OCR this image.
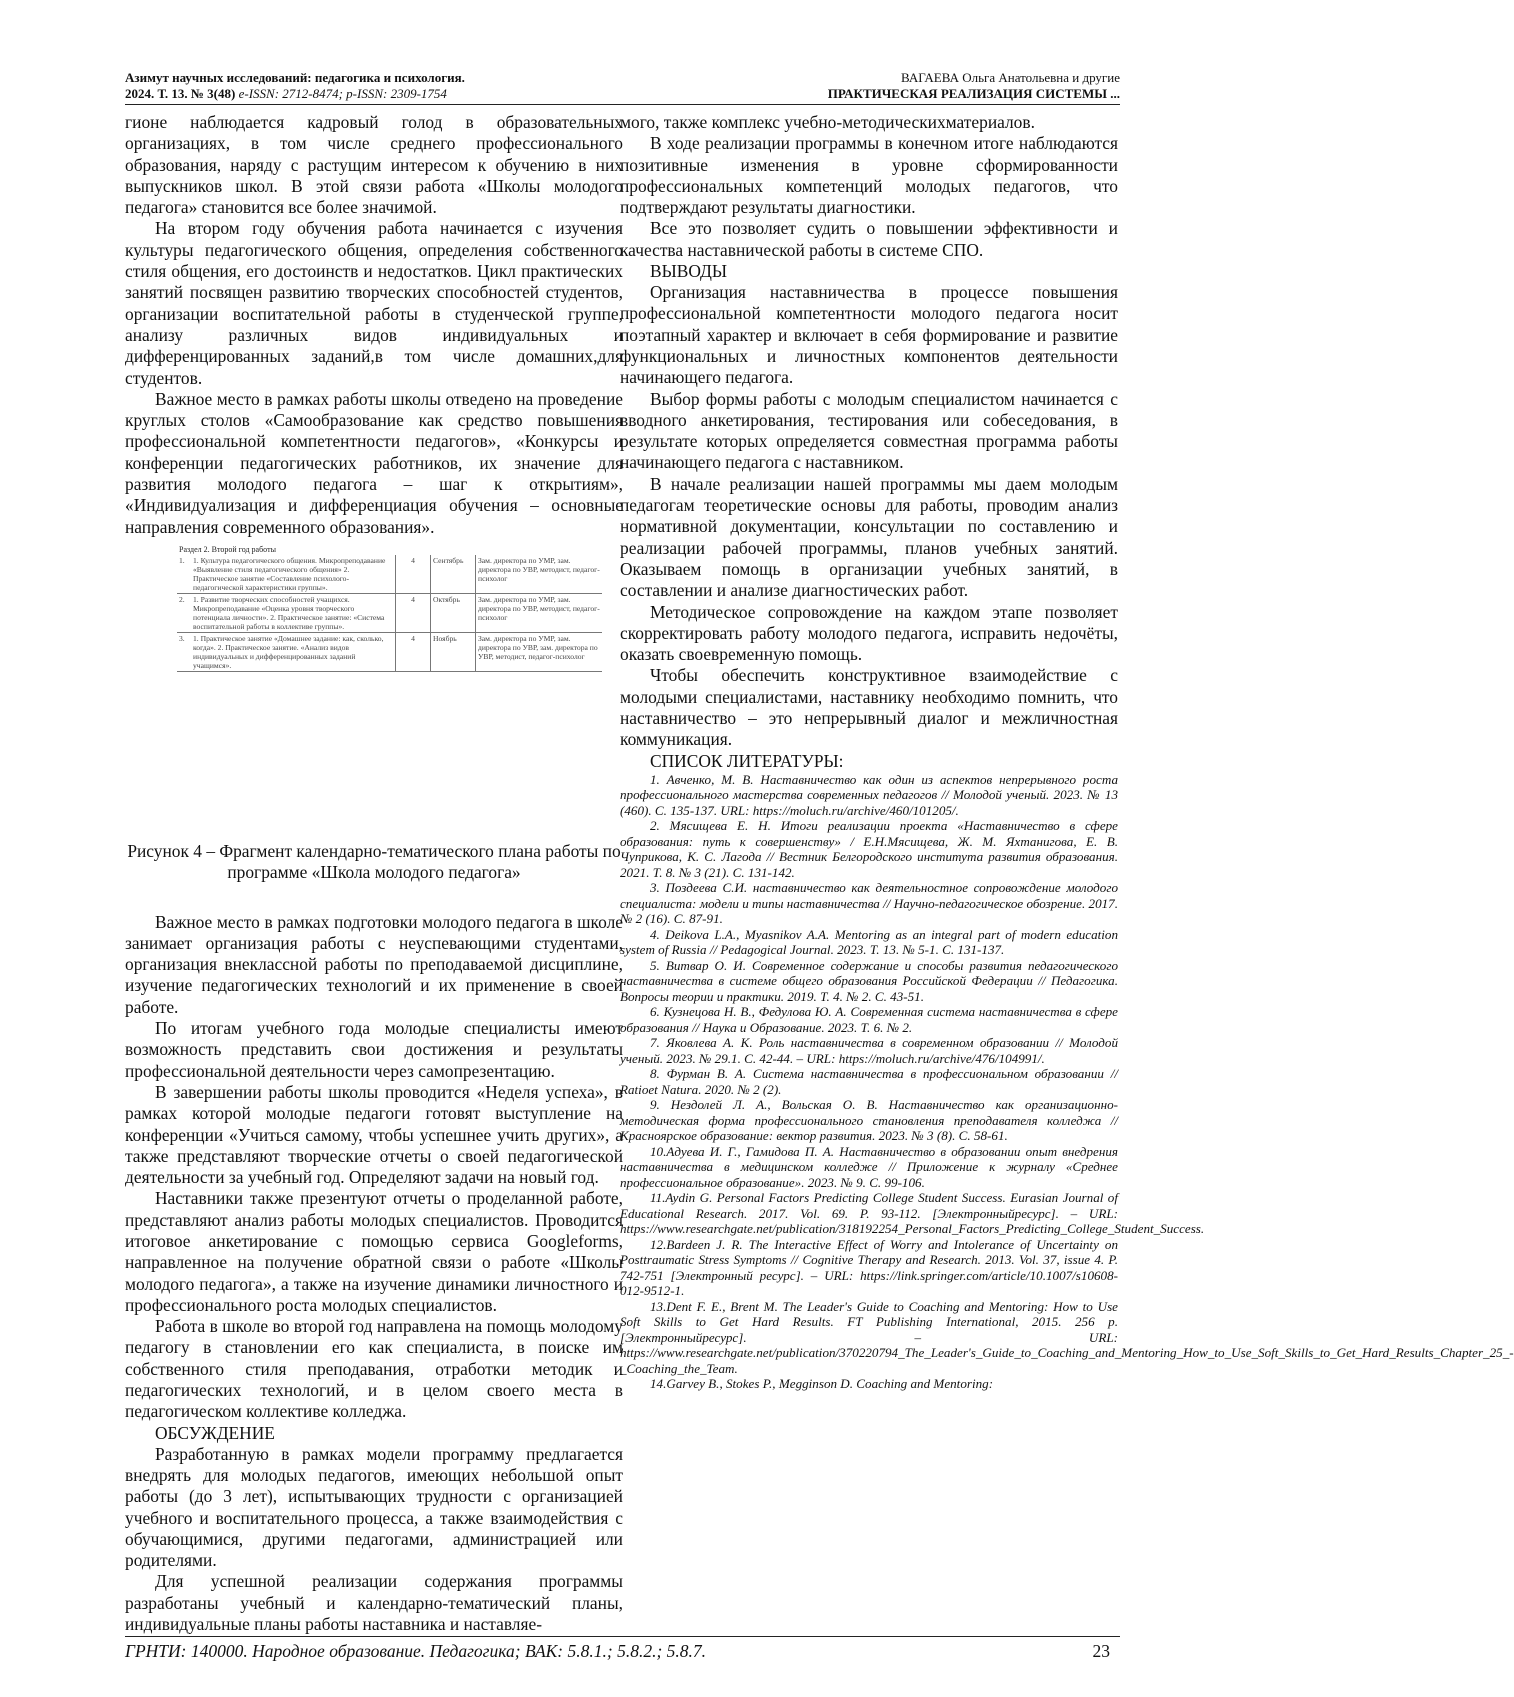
Азимут научных исследований: педагогика и психология.
2024. Т. 13. № 3(48) e-ISSN: 2712-8474; p-ISSN: 2309-1754
ВАГАЕВА Ольга Анатольевна и другие
ПРАКТИЧЕСКАЯ РЕАЛИЗАЦИЯ СИСТЕМЫ ...

гионе наблюдается кадровый голод в образовательных организациях, в том числе среднего профессионального образования, наряду с растущим интересом к обучению в них выпускников школ. В этой связи работа «Школы молодого педагога» становится все более значимой.

На втором году обучения работа начинается с изучения культуры педагогического общения, определения собственного стиля общения, его достоинств и недостатков. Цикл практических занятий посвящен развитию творческих способностей студентов, организации воспитательной работы в студенческой группе, анализу различных видов индивидуальных и дифференцированных заданий,в том числе домашних,для студентов.

Важное место в рамках работы школы отведено на проведение круглых столов «Самообразование как средство повышения профессиональной компетентности педагогов», «Конкурсы и конференции педагогических работников, их значение для развития молодого педагога – шаг к открытиям», «Индивидуализация и дифференциация обучения – основные направления современного образования».

Раздел 2. Второй год работы				
1.	1. Культура педагогического общения. Микропреподавание «Выявление стиля педагогического общения» 2. Практическое занятие «Составление психолого-педагогической характеристики группы».	4	Сентябрь	Зам. директора по УМР, зам. директора по УВР, методист, педагог-психолог
2.	1. Развитие творческих способностей учащихся. Микропреподавание «Оценка уровня творческого потенциала личности». 2. Практическое занятие: «Система воспитательной работы в коллективе группы».	4	Октябрь	Зам. директора по УМР, зам. директора по УВР, методист, педагог-психолог
3.	1. Практическое занятие «Домашнее задание: как, сколько, когда». 2. Практическое занятие. «Анализ видов индивидуальных и дифференцированных заданий учащимся».	4	Ноябрь	Зам. директора по УМР, зам. директора по УВР, зам. директора по УВР, методист, педагог-психолог
Рисунок 4 – Фрагмент календарно-тематического плана работы по программе «Школа молодого педагога»

Важное место в рамках подготовки молодого педагога в школе занимает организация работы с неуспевающими студентами, организация внеклассной работы по преподаваемой дисциплине, изучение педагогических технологий и их применение в своей работе.

По итогам учебного года молодые специалисты имеют возможность представить свои достижения и результаты профессиональной деятельности через самопрезентацию.

В завершении работы школы проводится «Неделя успеха», в рамках которой молодые педагоги готовят выступление на конференции «Учиться самому, чтобы успешнее учить других», а также представляют творческие отчеты о своей педагогической деятельности за учебный год. Определяют задачи на новый год.

Наставники также презентуют отчеты о проделанной работе, представляют анализ работы молодых специалистов. Проводится итоговое анкетирование с помощью сервиса Googleforms, направленное на получение обратной связи о работе «Школы молодого педагога», а также на изучение динамики личностного и профессионального роста молодых специалистов.

Работа в школе во второй год направлена на помощь молодому педагогу в становлении его как специалиста, в поиске им собственного стиля преподавания, отработки методик и педагогических технологий, и в целом своего места в педагогическом коллективе колледжа.

ОБСУЖДЕНИЕ

Разработанную в рамках модели программу предлагается внедрять для молодых педагогов, имеющих небольшой опыт работы (до 3 лет), испытывающих трудности с организацией учебного и воспитательного процесса, а также взаимодействия с обучающимися, другими педагогами, администрацией или родителями.

Для успешной реализации содержания программы разработаны учебный и календарно-тематический планы, индивидуальные планы работы наставника и наставляе-

мого, также комплекс учебно-методическихматериалов.

В ходе реализации программы в конечном итоге наблюдаются позитивные изменения в уровне сформированности профессиональных компетенций молодых педагогов, что подтверждают результаты диагностики.

Все это позволяет судить о повышении эффективности и качества наставнической работы в системе СПО.

ВЫВОДЫ

Организация наставничества в процессе повышения профессиональной компетентности молодого педагога носит поэтапный характер и включает в себя формирование и развитие функциональных и личностных компонентов деятельности начинающего педагога.

Выбор формы работы с молодым специалистом начинается с вводного анкетирования, тестирования или собеседования, в результате которых определяется совместная программа работы начинающего педагога с наставником.

В начале реализации нашей программы мы даем молодым педагогам теоретические основы для работы, проводим анализ нормативной документации, консультации по составлению и реализации рабочей программы, планов учебных занятий. Оказываем помощь в организации учебных занятий, в составлении и анализе диагностических работ.

Методическое сопровождение на каждом этапе позволяет скорректировать работу молодого педагога, исправить недочёты, оказать своевременную помощь.

Чтобы обеспечить конструктивное взаимодействие с молодыми специалистами, наставнику необходимо помнить, что наставничество – это непрерывный диалог и межличностная коммуникация.

СПИСОК ЛИТЕРАТУРЫ:

1. Авченко, М. В. Наставничество как один из аспектов непрерывного роста профессионального мастерства современных педагогов // Молодой ученый. 2023. № 13 (460). С. 135-137. URL: https://moluch.ru/archive/460/101205/.

2. Мясищева Е. Н. Итоги реализации проекта «Наставничество в сфере образования: путь к совершенству» / Е.Н.Мясищева, Ж. М. Яхтанигова, Е. В. Чуприкова, К. С. Лагода // Вестник Белгородского института развития образования. 2021. Т. 8. № 3 (21). С. 131-142.

3. Поздеева С.И. наставничество как деятельностное сопровождение молодого специалиста: модели и типы наставничества // Научно-педагогическое обозрение. 2017. № 2 (16). С. 87-91.

4. Deikova L.A., Myasnikov A.A. Mentoring as an integral part of modern education system of Russia // Pedagogical Journal. 2023. Т. 13. № 5-1. С. 131-137.

5. Витвар О. И. Современное содержание и способы развития педагогического наставничества в системе общего образования Российской Федерации // Педагогика. Вопросы теории и практики. 2019. Т. 4. № 2. С. 43-51.

6. Кузнецова Н. В., Федулова Ю. А. Современная система наставничества в сфере образования // Наука и Образование. 2023. Т. 6. № 2.

7. Яковлева А. К. Роль наставничества в современном образовании // Молодой ученый. 2023. № 29.1. С. 42-44. – URL: https://moluch.ru/archive/476/104991/.

8. Фурман В. А. Система наставничества в профессиональном образовании // Ratioet Natura. 2020. № 2 (2).

9. Нездолей Л. А., Вольская О. В. Наставничество как организационно-методическая форма профессионального становления преподавателя колледжа // Красноярское образование: вектор развития. 2023. № 3 (8). С. 58-61.

10.Адуева И. Г., Гамидова П. А. Наставничество в образовании опыт внедрения наставничества в медицинском колледже // Приложение к журналу «Среднее профессиональное образование». 2023. № 9. С. 99-106.

11.Aydin G. Personal Factors Predicting College Student Success. Eurasian Journal of Educational Research. 2017. Vol. 69. P. 93-112. [Электронныйресурс]. – URL: https://www.researchgate.net/publication/318192254_Personal_Factors_Predicting_College_Student_Success.

12.Bardeen J. R. The Interactive Effect of Worry and Intolerance of Uncertainty on Posttraumatic Stress Symptoms // Cognitive Therapy and Research. 2013. Vol. 37, issue 4. P. 742-751 [Электронный ресурс]. – URL: https://link.springer.com/article/10.1007/s10608-012-9512-1.

13.Dent F. E., Brent M. The Leader's Guide to Coaching and Mentoring: How to Use Soft Skills to Get Hard Results. FT Publishing International, 2015. 256 p. [Электронныйресурс]. – URL: https://www.researchgate.net/publication/370220794_The_Leader's_Guide_to_Coaching_and_Mentoring_How_to_Use_Soft_Skills_to_Get_Hard_Results_Chapter_25_-_Coaching_the_Team.

14.Garvey B., Stokes P., Megginson D. Coaching and Mentoring:

ГРНТИ: 140000. Народное образование. Педагогика; ВАК: 5.8.1.; 5.8.2.; 5.8.7.	23
